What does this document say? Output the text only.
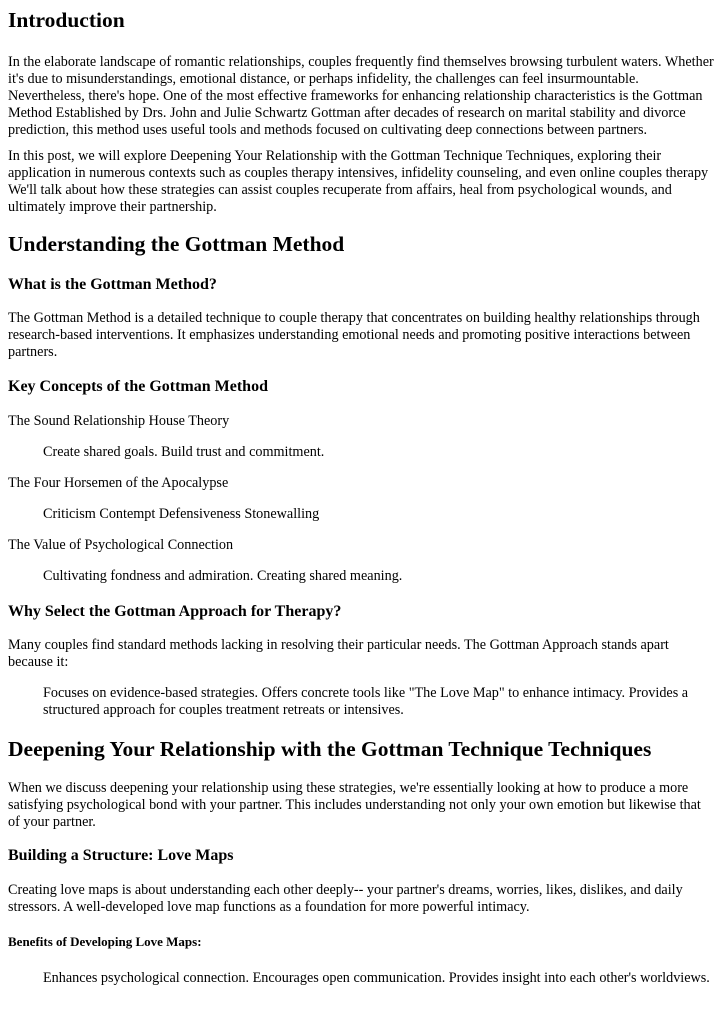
Introduction

In the elaborate landscape of romantic relationships, couples frequently find themselves browsing turbulent waters. Whether it's due to misunderstandings, emotional distance, or perhaps infidelity, the challenges can feel insurmountable. Nevertheless, there's hope. One of the most effective frameworks for enhancing relationship characteristics is the Gottman Method Established by Drs. John and Julie Schwartz Gottman after decades of research on marital stability and divorce prediction, this method uses useful tools and methods focused on cultivating deep connections between partners.

In this post, we will explore Deepening Your Relationship with the Gottman Technique Techniques, exploring their application in numerous contexts such as couples therapy intensives, infidelity counseling, and even online couples therapy We'll talk about how these strategies can assist couples recuperate from affairs, heal from psychological wounds, and ultimately improve their partnership.

Understanding the Gottman Method
What is the Gottman Method?

The Gottman Method is a detailed technique to couple therapy that concentrates on building healthy relationships through research-based interventions. It emphasizes understanding emotional needs and promoting positive interactions between partners.

Key Concepts of the Gottman Method

The Sound Relationship House Theory

Create shared goals. Build trust and commitment.

The Four Horsemen of the Apocalypse

Criticism Contempt Defensiveness Stonewalling

The Value of Psychological Connection

Cultivating fondness and admiration. Creating shared meaning.

Why Select the Gottman Approach for Therapy?

Many couples find standard methods lacking in resolving their particular needs. The Gottman Approach stands apart because it:

Focuses on evidence-based strategies. Offers concrete tools like "The Love Map" to enhance intimacy. Provides a structured approach for couples treatment retreats or intensives.

Deepening Your Relationship with the Gottman Technique Techniques

When we discuss deepening your relationship using these strategies, we're essentially looking at how to produce a more satisfying psychological bond with your partner. This includes understanding not only your own emotion but likewise that of your partner.

Building a Structure: Love Maps

Creating love maps is about understanding each other deeply-- your partner's dreams, worries, likes, dislikes, and daily stressors. A well-developed love map functions as a foundation for more powerful intimacy.

Benefits of Developing Love Maps:

Enhances psychological connection. Encourages open communication. Provides insight into each other's worldviews.
